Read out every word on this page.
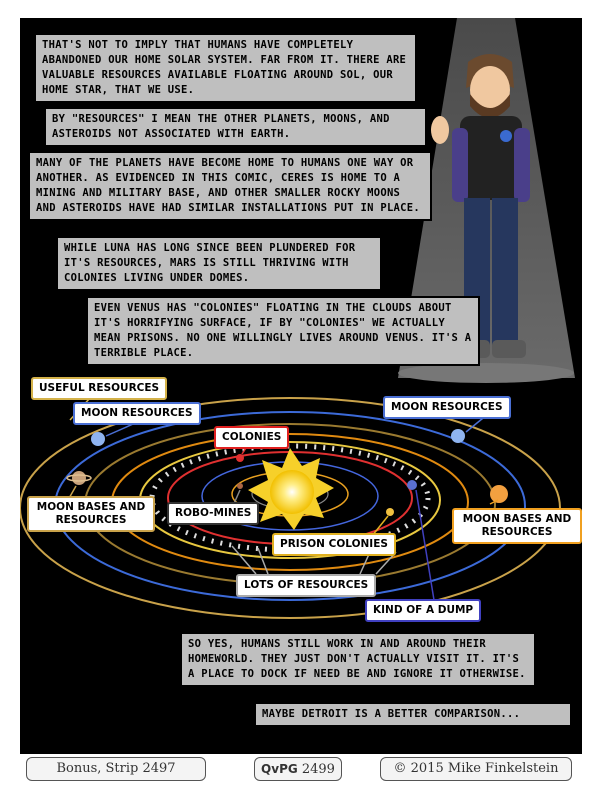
THAT'S NOT TO IMPLY THAT HUMANS HAVE COMPLETELY ABANDONED OUR HOME SOLAR SYSTEM. FAR FROM IT. THERE ARE VALUABLE RESOURCES AVAILABLE FLOATING AROUND SOL, OUR HOME STAR, THAT WE USE.
BY "RESOURCES" I MEAN THE OTHER PLANETS, MOONS, AND ASTEROIDS NOT ASSOCIATED WITH EARTH.
MANY OF THE PLANETS HAVE BECOME HOME TO HUMANS ONE WAY OR ANOTHER. AS EVIDENCED IN THIS COMIC, CERES IS HOME TO A MINING AND MILITARY BASE, AND OTHER SMALLER ROCKY MOONS AND ASTEROIDS HAVE HAD SIMILAR INSTALLATIONS PUT IN PLACE.
WHILE LUNA HAS LONG SINCE BEEN PLUNDERED FOR IT'S RESOURCES, MARS IS STILL THRIVING WITH COLONIES LIVING UNDER DOMES.
EVEN VENUS HAS "COLONIES" FLOATING IN THE CLOUDS ABOUT IT'S HORRIFYING SURFACE, IF BY "COLONIES" WE ACTUALLY MEAN PRISONS. NO ONE WILLINGLY LIVES AROUND VENUS. IT'S A TERRIBLE PLACE.
SO YES, HUMANS STILL WORK IN AND AROUND THEIR HOMEWORLD. THEY JUST DON'T ACTUALLY VISIT IT. IT'S A PLACE TO DOCK IF NEED BE AND IGNORE IT OTHERWISE.
MAYBE DETROIT IS A BETTER COMPARISON...
USEFUL RESOURCES
MOON RESOURCES	MOON RESOURCES
COLONIES
MOON BASES AND RESOURCES	MOON BASES AND RESOURCES
ROBO-MINES
PRISON COLONIES
LOTS OF RESOURCES
KIND OF A DUMP
Bonus, Strip 2497	QvPG 2499	© 2015 Mike Finkelstein
